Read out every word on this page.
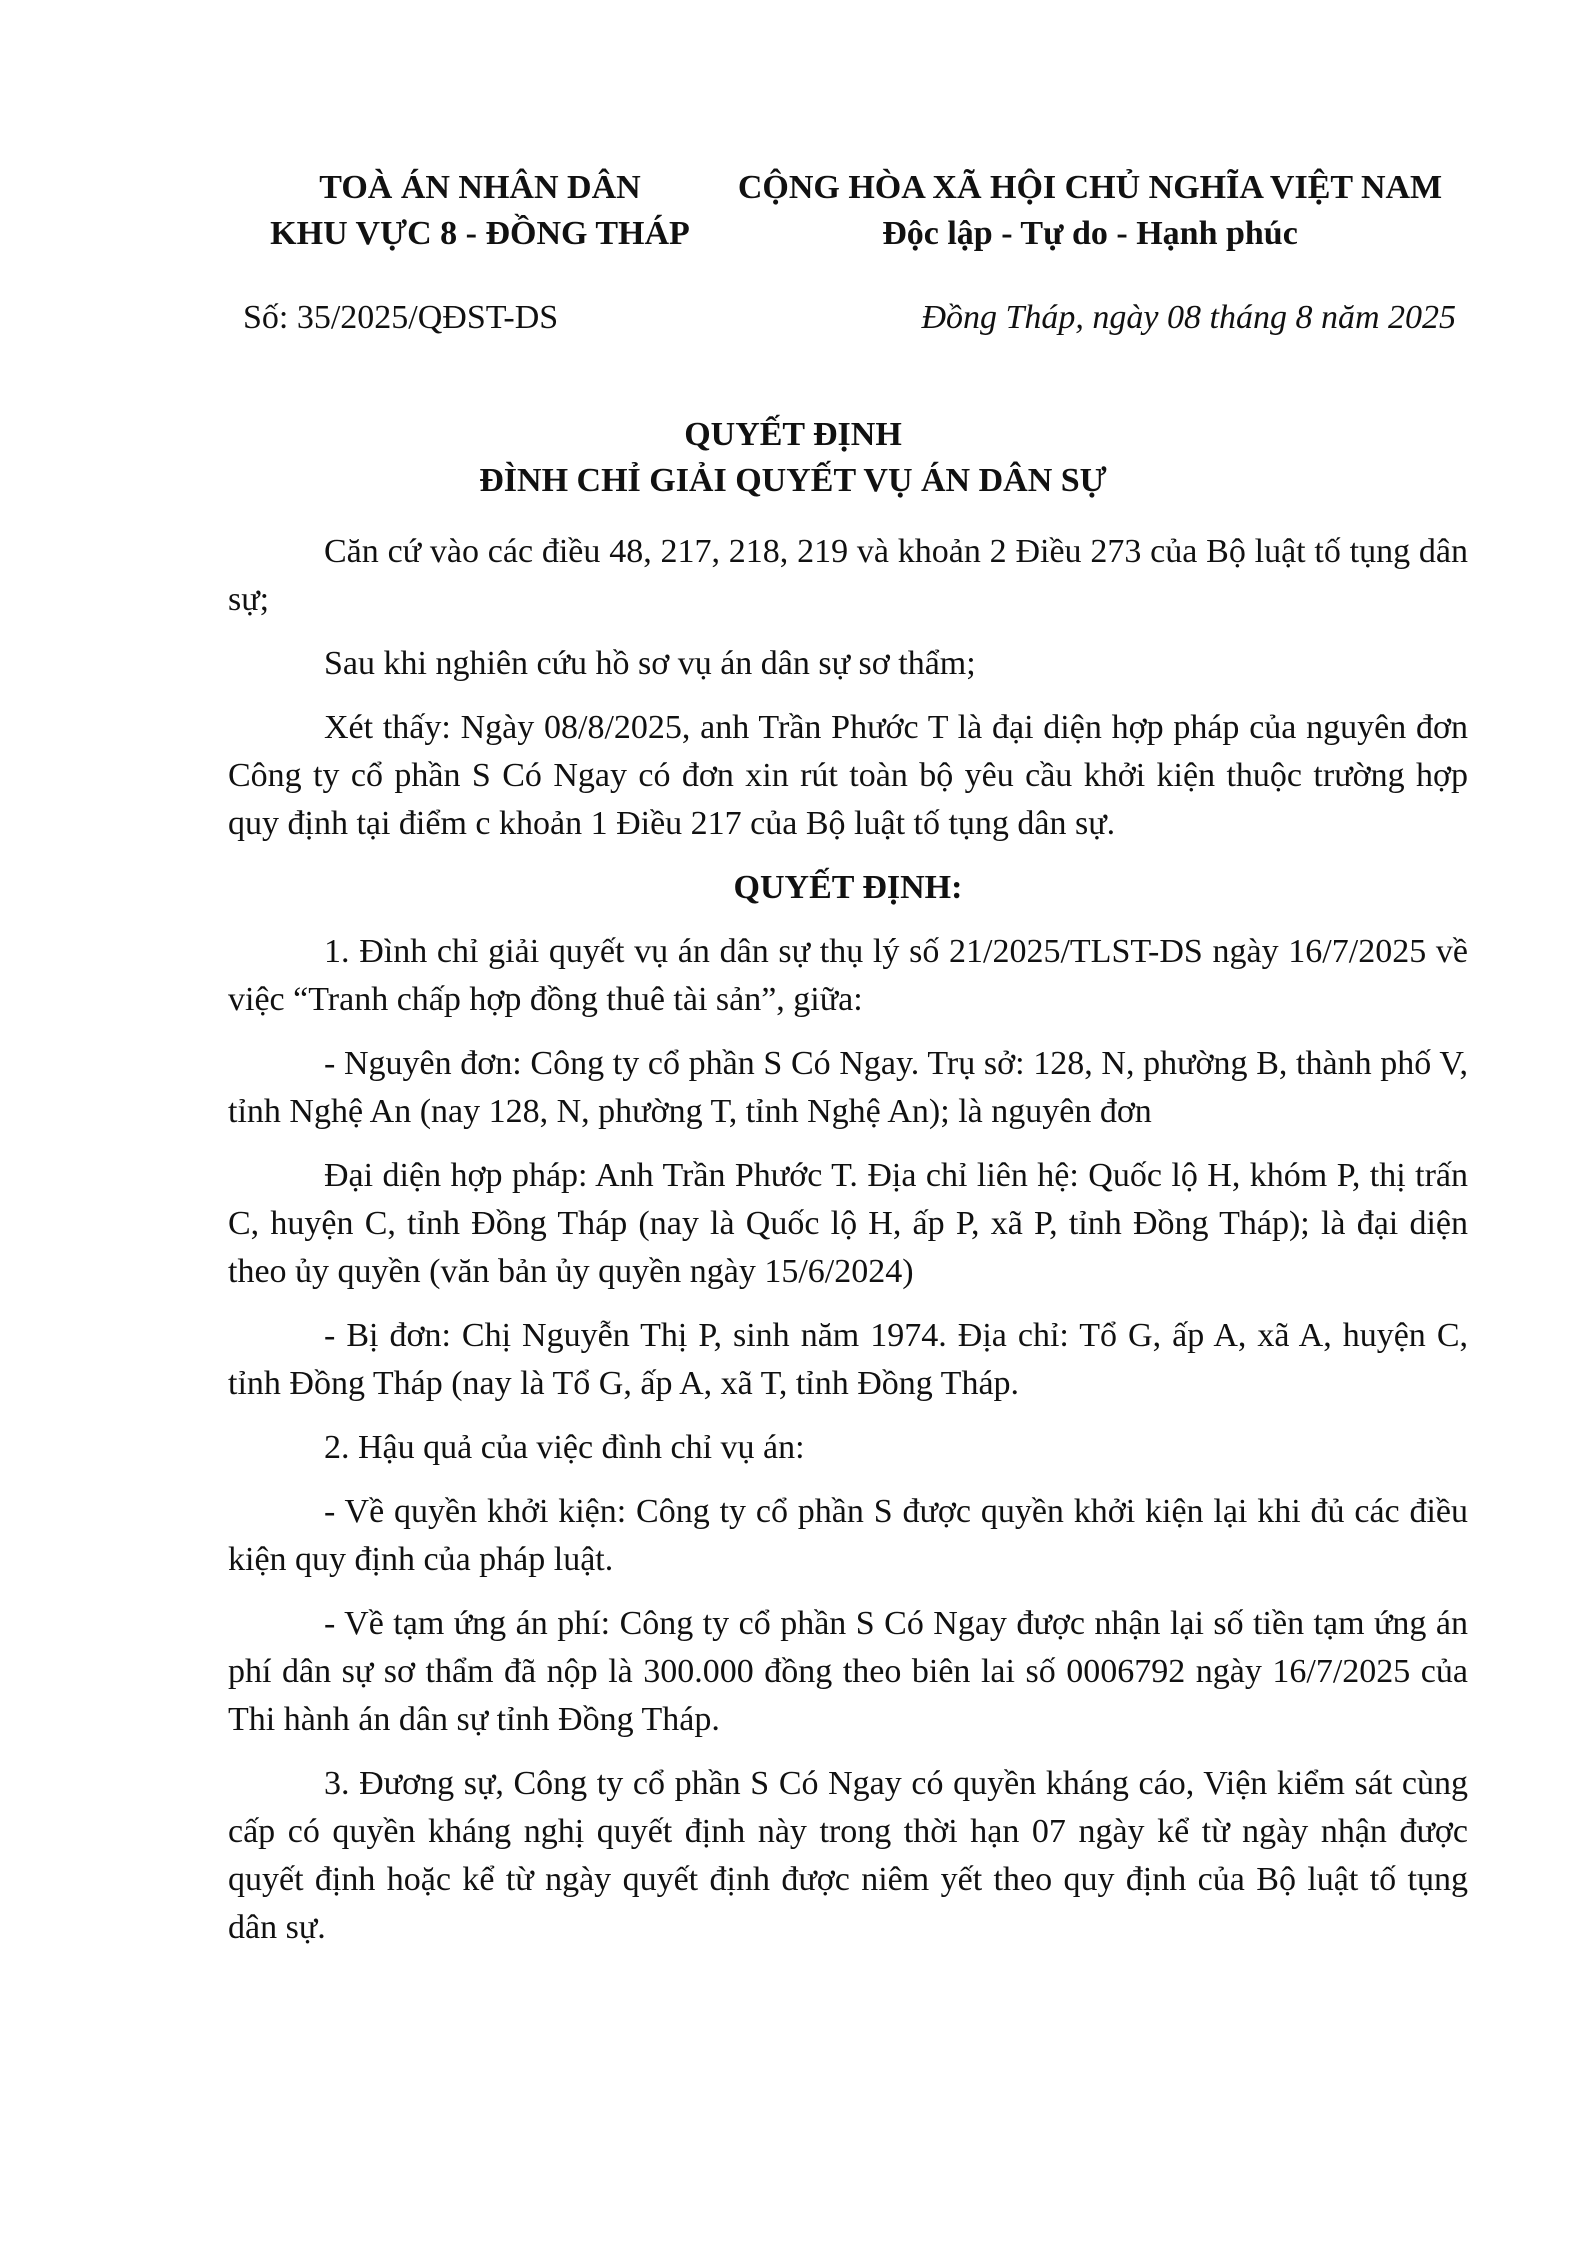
TOÀ ÁN NHÂN DÂN
KHU VỰC 8 - ĐỒNG THÁP
CỘNG HÒA XÃ HỘI CHỦ NGHĨA VIỆT NAM
Độc lập - Tự do - Hạnh phúc
Số: 35/2025/QĐST-DS	Đồng Tháp, ngày 08 tháng 8 năm 2025
QUYẾT ĐỊNH
ĐÌNH CHỈ GIẢI QUYẾT VỤ ÁN DÂN SỰ

Căn cứ vào các điều 48, 217, 218, 219 và khoản 2 Điều 273 của Bộ luật tố tụng dân sự;

Sau khi nghiên cứu hồ sơ vụ án dân sự sơ thẩm;

Xét thấy: Ngày 08/8/2025, anh Trần Phước T là đại diện hợp pháp của nguyên đơn Công ty cổ phần S Có Ngay có đơn xin rút toàn bộ yêu cầu khởi kiện thuộc trường hợp quy định tại điểm c khoản 1 Điều 217 của Bộ luật tố tụng dân sự.

QUYẾT ĐỊNH:

1. Đình chỉ giải quyết vụ án dân sự thụ lý số 21/2025/TLST-DS ngày 16/7/2025 về việc “Tranh chấp hợp đồng thuê tài sản”, giữa:

- Nguyên đơn: Công ty cổ phần S Có Ngay. Trụ sở: 128, N, phường B, thành phố V, tỉnh Nghệ An (nay 128, N, phường T, tỉnh Nghệ An); là nguyên đơn

Đại diện hợp pháp: Anh Trần Phước T. Địa chỉ liên hệ: Quốc lộ H, khóm P, thị trấn C, huyện C, tỉnh Đồng Tháp (nay là Quốc lộ H, ấp P, xã P, tỉnh Đồng Tháp); là đại diện theo ủy quyền (văn bản ủy quyền ngày 15/6/2024)

- Bị đơn: Chị Nguyễn Thị P, sinh năm 1974. Địa chỉ: Tổ G, ấp A, xã A, huyện C, tỉnh Đồng Tháp (nay là Tổ G, ấp A, xã T, tỉnh Đồng Tháp.

2. Hậu quả của việc đình chỉ vụ án:

- Về quyền khởi kiện: Công ty cổ phần S được quyền khởi kiện lại khi đủ các điều kiện quy định của pháp luật.

- Về tạm ứng án phí: Công ty cổ phần S Có Ngay được nhận lại số tiền tạm ứng án phí dân sự sơ thẩm đã nộp là 300.000 đồng theo biên lai số 0006792 ngày 16/7/2025 của Thi hành án dân sự tỉnh Đồng Tháp.

3. Đương sự, Công ty cổ phần S Có Ngay có quyền kháng cáo, Viện kiểm sát cùng cấp có quyền kháng nghị quyết định này trong thời hạn 07 ngày kể từ ngày nhận được quyết định hoặc kể từ ngày quyết định được niêm yết theo quy định của Bộ luật tố tụng dân sự.
